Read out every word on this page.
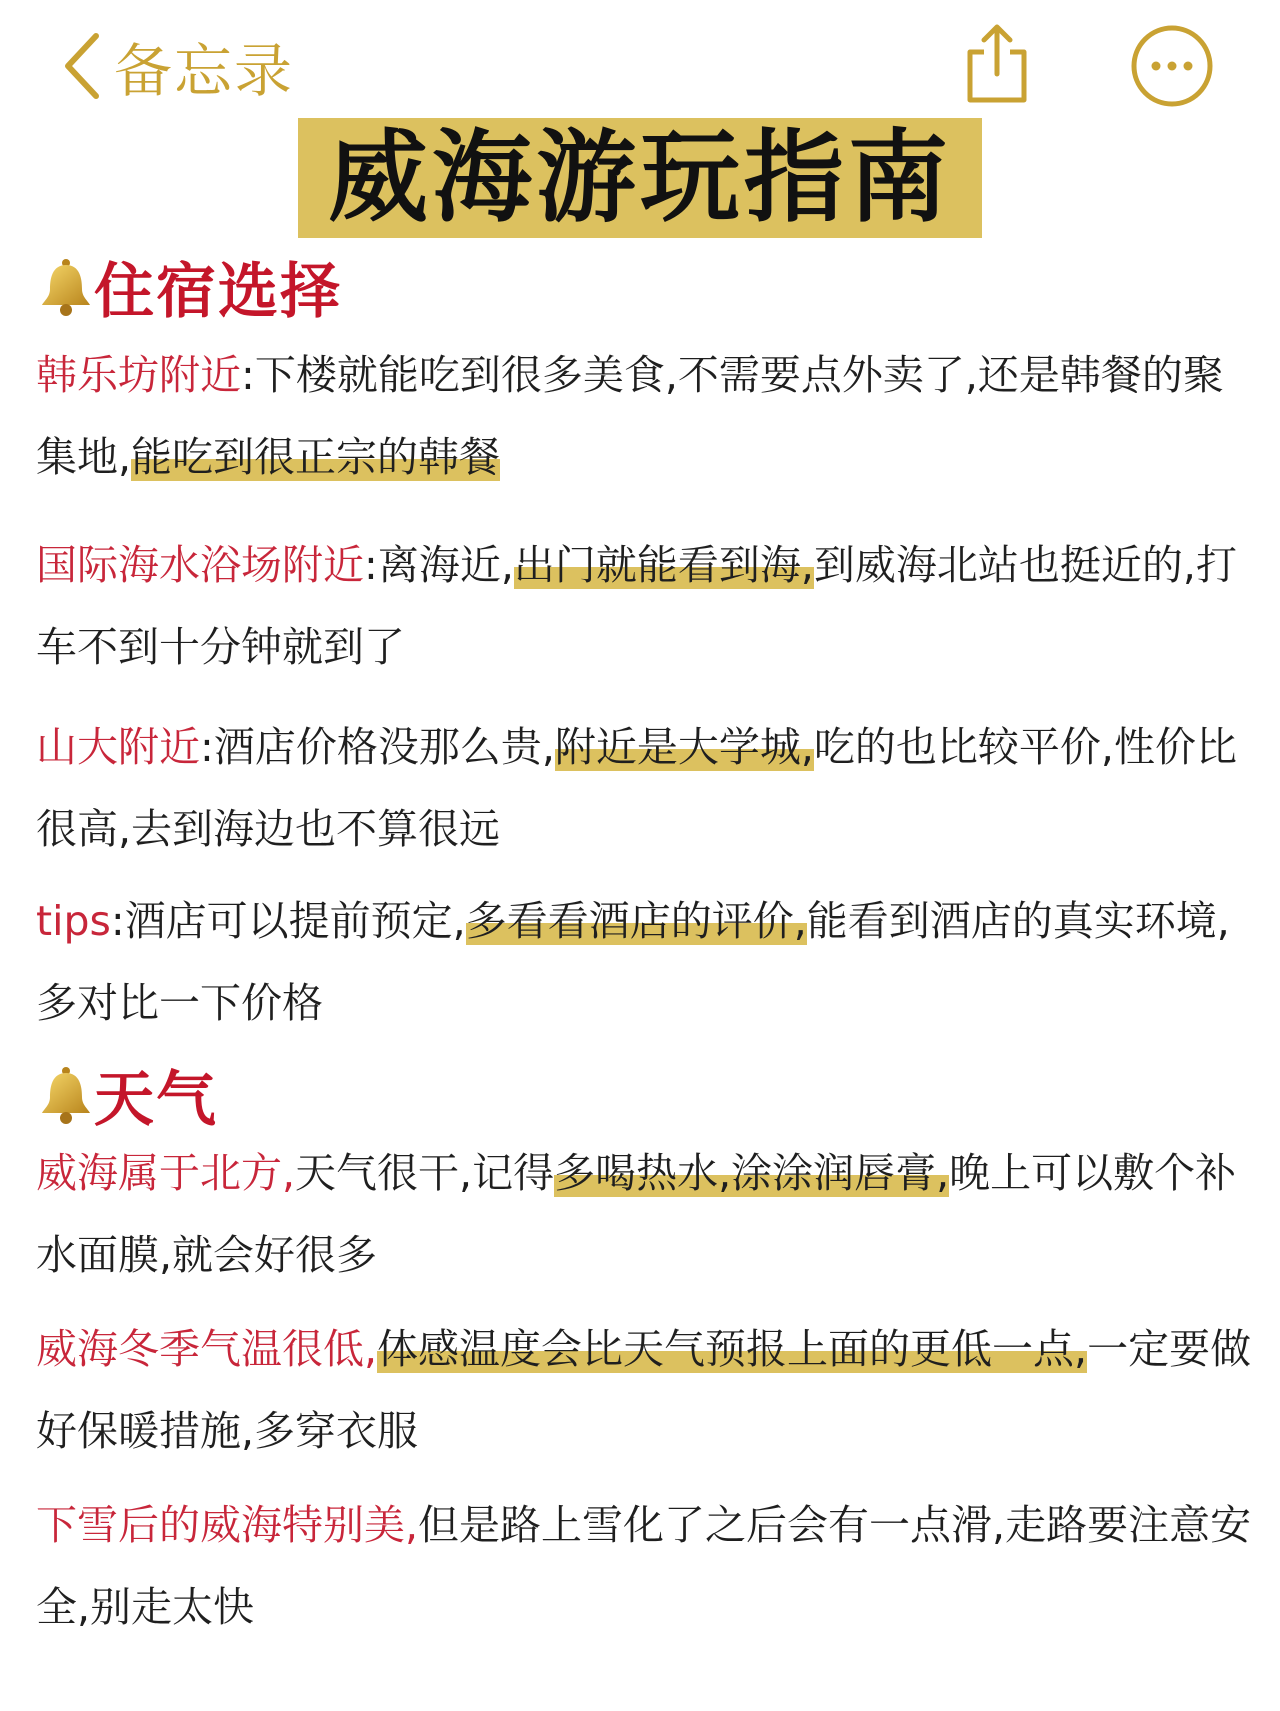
备忘录
威海游玩指南
住宿选择

韩乐坊附近:下楼就能吃到很多美食,不需要点外卖了,还是韩餐的聚集地,能吃到很正宗的韩餐

国际海水浴场附近:离海近,出门就能看到海,到威海北站也挺近的,打车不到十分钟就到了

山大附近:酒店价格没那么贵,附近是大学城,吃的也比较平价,性价比很高,去到海边也不算很远

tips:酒店可以提前预定,多看看酒店的评价,能看到酒店的真实环境,多对比一下价格

天气

威海属于北方,天气很干,记得多喝热水,涂涂润唇膏,晚上可以敷个补水面膜,就会好很多

威海冬季气温很低,体感温度会比天气预报上面的更低一点,一定要做好保暖措施,多穿衣服

下雪后的威海特别美,但是路上雪化了之后会有一点滑,走路要注意安全,别走太快
